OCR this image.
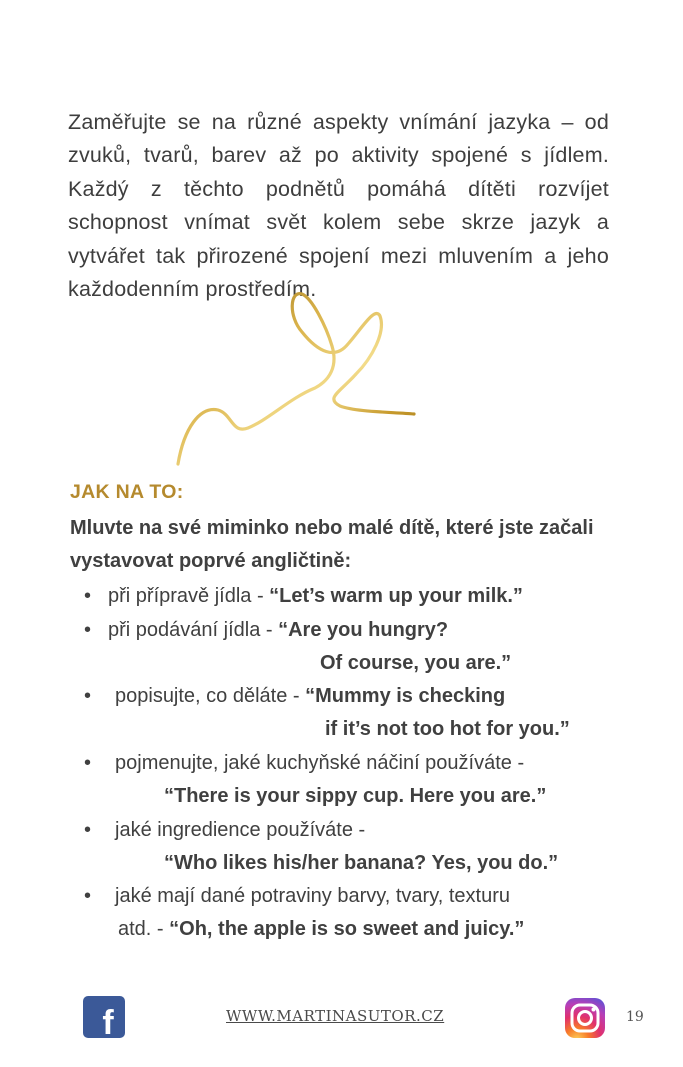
Zaměřujte se na různé aspekty vnímání jazyka – od zvuků, tvarů, barev až po aktivity spojené s jídlem. Každý z těchto podnětů pomáhá dítěti rozvíjet schopnost vnímat svět kolem sebe skrze jazyk a vytvářet tak přirozené spojení mezi mluvením a jeho každodenním prostředím.

JAK NA TO:
Mluvte na své miminko nebo malé dítě, které jste začali vystavovat poprvé angličtině:
• při přípravě jídla - “Let’s warm up your milk.”
• při podávání jídla - “Are you hungry?
Of course, you are.”
• popisujte, co děláte - “Mummy is checking
if it’s not too hot for you.”
• pojmenujte, jaké kuchyňské náčiní používáte -
“There is your sippy cup. Here you are.”
• jaké ingredience používáte -
“Who likes his/her banana? Yes, you do.”
• jaké mají dané potraviny barvy, tvary, texturu
atd. - “Oh, the apple is so sweet and juicy.”
f	WWW.MARTINASUTOR.CZ	19
